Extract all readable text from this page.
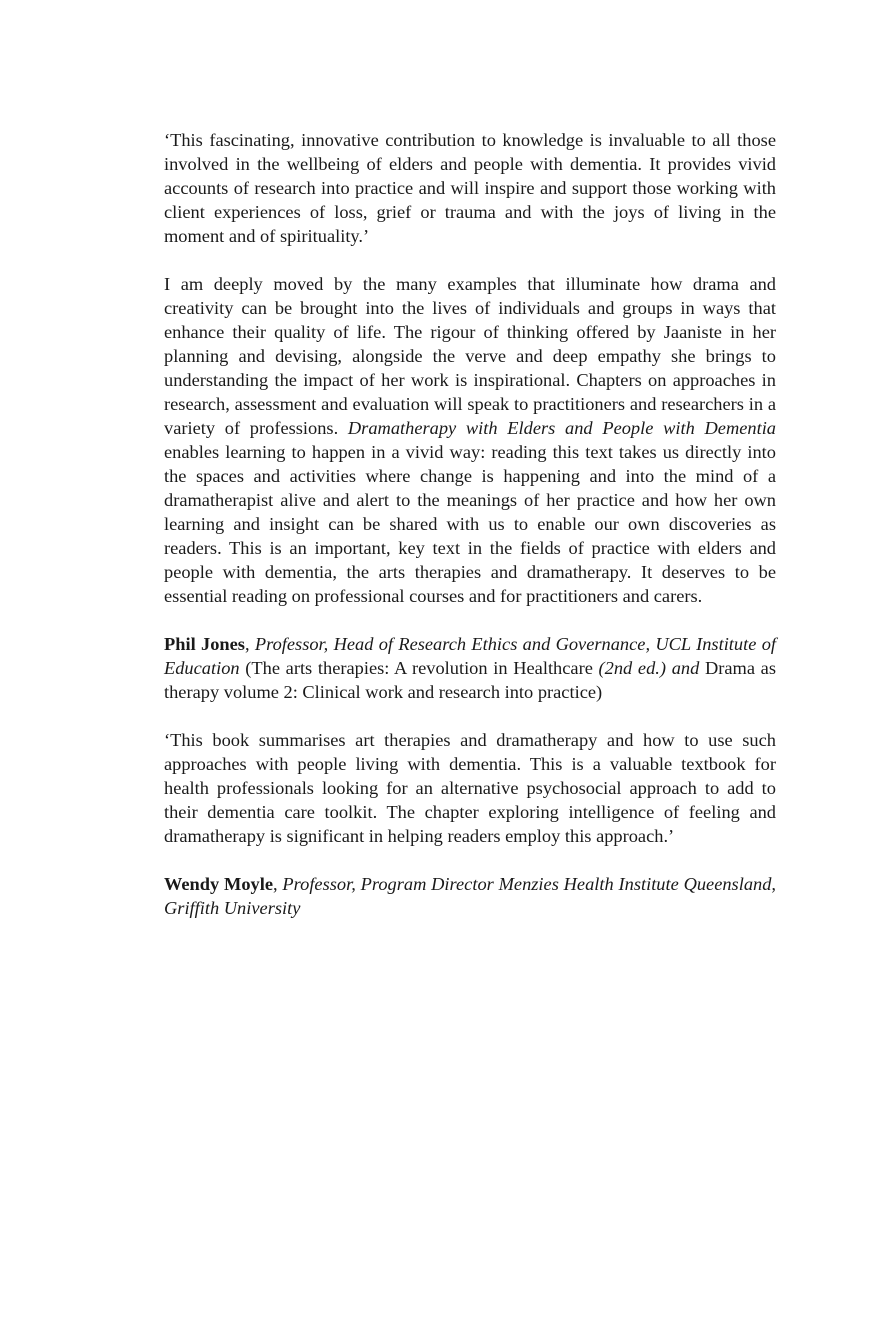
‘This fascinating, innovative contribution to knowledge is invaluable to all those involved in the wellbeing of elders and people with dementia. It provides vivid accounts of research into practice and will inspire and support those working with client experiences of loss, grief or trauma and with the joys of living in the moment and of spirituality.’

I am deeply moved by the many examples that illuminate how drama and creativity can be brought into the lives of individuals and groups in ways that enhance their quality of life. The rigour of thinking offered by Jaaniste in her planning and devising, alongside the verve and deep empathy she brings to understanding the impact of her work is inspirational. Chapters on approaches in research, assessment and evaluation will speak to practitioners and researchers in a variety of professions. Dramatherapy with Elders and People with Dementia enables learning to happen in a vivid way: reading this text takes us directly into the spaces and activities where change is happening and into the mind of a dramatherapist alive and alert to the meanings of her practice and how her own learning and insight can be shared with us to enable our own discoveries as readers. This is an important, key text in the fields of practice with elders and people with dementia, the arts therapies and dramatherapy. It deserves to be essential reading on professional courses and for practitioners and carers.

Phil Jones, Professor, Head of Research Ethics and Governance, UCL Institute of Education (The arts therapies: A revolution in Healthcare (2nd ed.) and Drama as therapy volume 2: Clinical work and research into practice)

‘This book summarises art therapies and dramatherapy and how to use such approaches with people living with dementia. This is a valuable textbook for health professionals looking for an alternative psychosocial approach to add to their dementia care toolkit. The chapter exploring intelligence of feeling and dramatherapy is significant in helping readers employ this approach.’

Wendy Moyle, Professor, Program Director Menzies Health Institute Queensland, Griffith University
